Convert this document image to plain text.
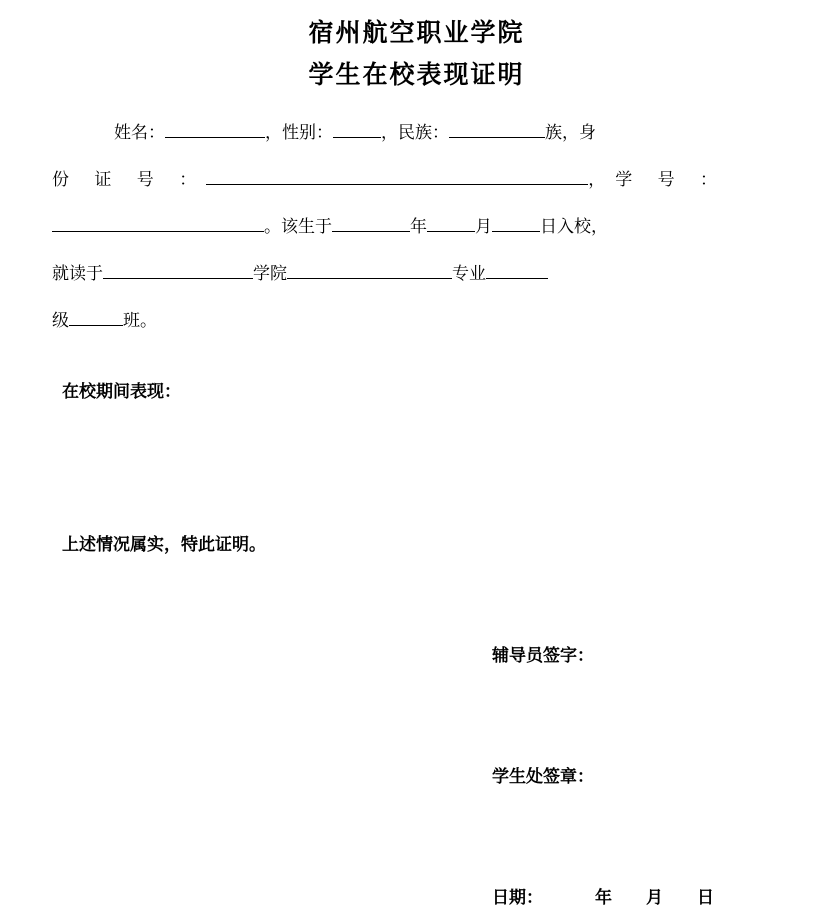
宿州航空职业学院
学生在校表现证明
姓名：	，性别：	，民族：	族，身
份 证 号 ：	，学 号 ：
。该生于	年	月	日入校，
就读于	学院	专业
级	班。
在校期间表现：
上述情况属实，特此证明。
辅导员签字：
学生处签章：
日期：	年 月 日
